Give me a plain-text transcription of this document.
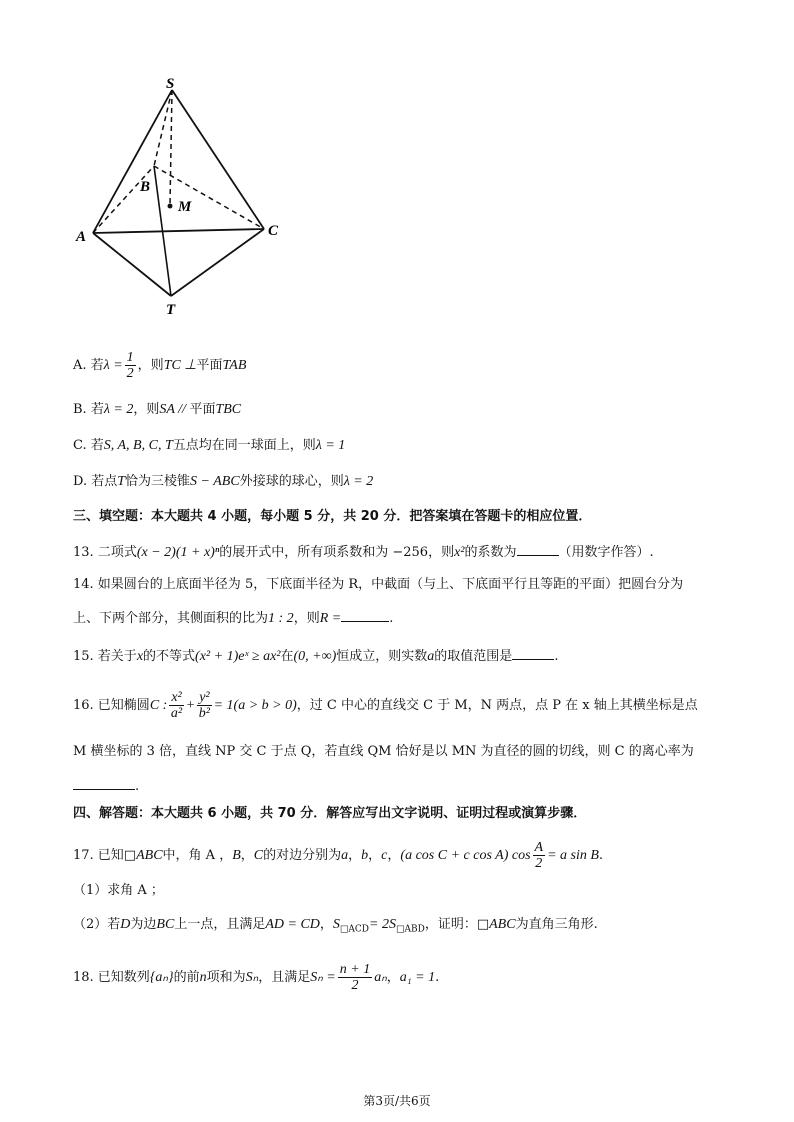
S
B
M
A	C
T
A. 若$\lambda = \frac{1}{2}$ ，则TC ⊥平面TAB
B. 若λ = 2，则SA // 平面TBC
C. 若S, A, B, C, T五点均在同一球面上，则λ = 1
D. 若点T恰为三棱锥S − ABC外接球的球心，则λ = 2
三、填空题：本大题共 4 小题，每小题 5 分，共 20 分．把答案填在答题卡的相应位置．
13. 二项式(x − 2)(1 + x)ⁿ的展开式中，所有项系数和为 −256，则x²的系数为	（用数字作答）.
14. 如果圆台的上底面半径为 5，下底面半径为 R，中截面（与上、下底面平行且等距的平面）把圆台分为
上、下两个部分，其侧面积的比为1 : 2，则R =	.
15. 若关于x的不等式(x² + 1)eˣ ≥ ax²在(0, +∞)恒成立，则实数a的取值范围是	.
16. 已知椭圆C : $\frac{\text{x²}}{\text{a²}} + \frac{\text{y²}}{\text{b²}} = 1(a > b > 0)$，过 C 中心的直线交 C 于 M，N 两点，点 P 在 x 轴上其横坐标是点
M 横坐标的 3 倍，直线 NP 交 C 于点 Q，若直线 QM 恰好是以 MN 为直径的圆的切线，则 C 的离心率为
.
四、解答题：本大题共 6 小题，共 70 分．解答应写出文字说明、证明过程或演算步骤．
17. 已知□ABC中，角 A ，B，C的对边分别为a，b，c，(a cos C + c cos A) $\cos \frac{A}{2} = a$ sin B.
（1）求角 A ；
（2）若D为边BC上一点，且满足AD = CD，$S_{□ACD}= 2S_{□ABD}$，证明：□ABC为直角三角形.
18. 已知数列{aₙ}的前n项和为Sₙ，且满足$S_n = \frac{n + 1}{2}$ aₙ，a₁ = 1.
第3页/共6页
